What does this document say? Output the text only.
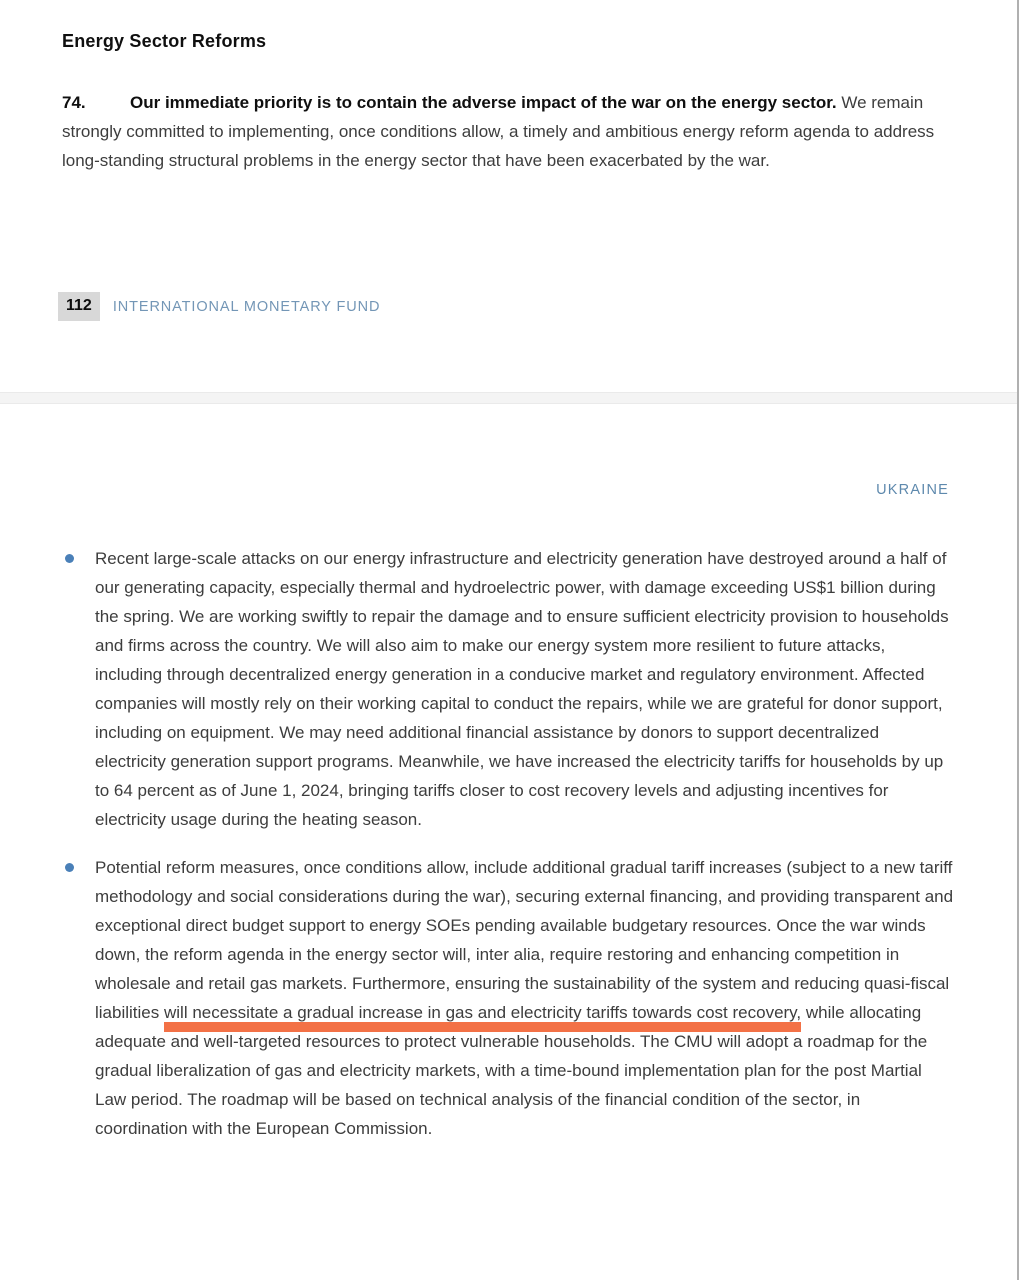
Energy Sector Reforms

74.	Our immediate priority is to contain the adverse impact of the war on the energy sector. We remain strongly committed to implementing, once conditions allow, a timely and ambitious energy reform agenda to address long-standing structural problems in the energy sector that have been exacerbated by the war.

112	INTERNATIONAL MONETARY FUND
UKRAINE
Recent large-scale attacks on our energy infrastructure and electricity generation have destroyed around a half of our generating capacity, especially thermal and hydroelectric power, with damage exceeding US$1 billion during the spring. We are working swiftly to repair the damage and to ensure sufficient electricity provision to households and firms across the country. We will also aim to make our energy system more resilient to future attacks, including through decentralized energy generation in a conducive market and regulatory environment. Affected companies will mostly rely on their working capital to conduct the repairs, while we are grateful for donor support, including on equipment. We may need additional financial assistance by donors to support decentralized electricity generation support programs. Meanwhile, we have increased the electricity tariffs for households by up to 64 percent as of June 1, 2024, bringing tariffs closer to cost recovery levels and adjusting incentives for electricity usage during the heating season.
Potential reform measures, once conditions allow, include additional gradual tariff increases (subject to a new tariff methodology and social considerations during the war), securing external financing, and providing transparent and exceptional direct budget support to energy SOEs pending available budgetary resources. Once the war winds down, the reform agenda in the energy sector will, inter alia, require restoring and enhancing competition in wholesale and retail gas markets. Furthermore, ensuring the sustainability of the system and reducing quasi-fiscal liabilities will necessitate a gradual increase in gas and electricity tariffs towards cost recovery, while allocating adequate and well-targeted resources to protect vulnerable households. The CMU will adopt a roadmap for the gradual liberalization of gas and electricity markets, with a time-bound implementation plan for the post Martial Law period. The roadmap will be based on technical analysis of the financial condition of the sector, in coordination with the European Commission.
